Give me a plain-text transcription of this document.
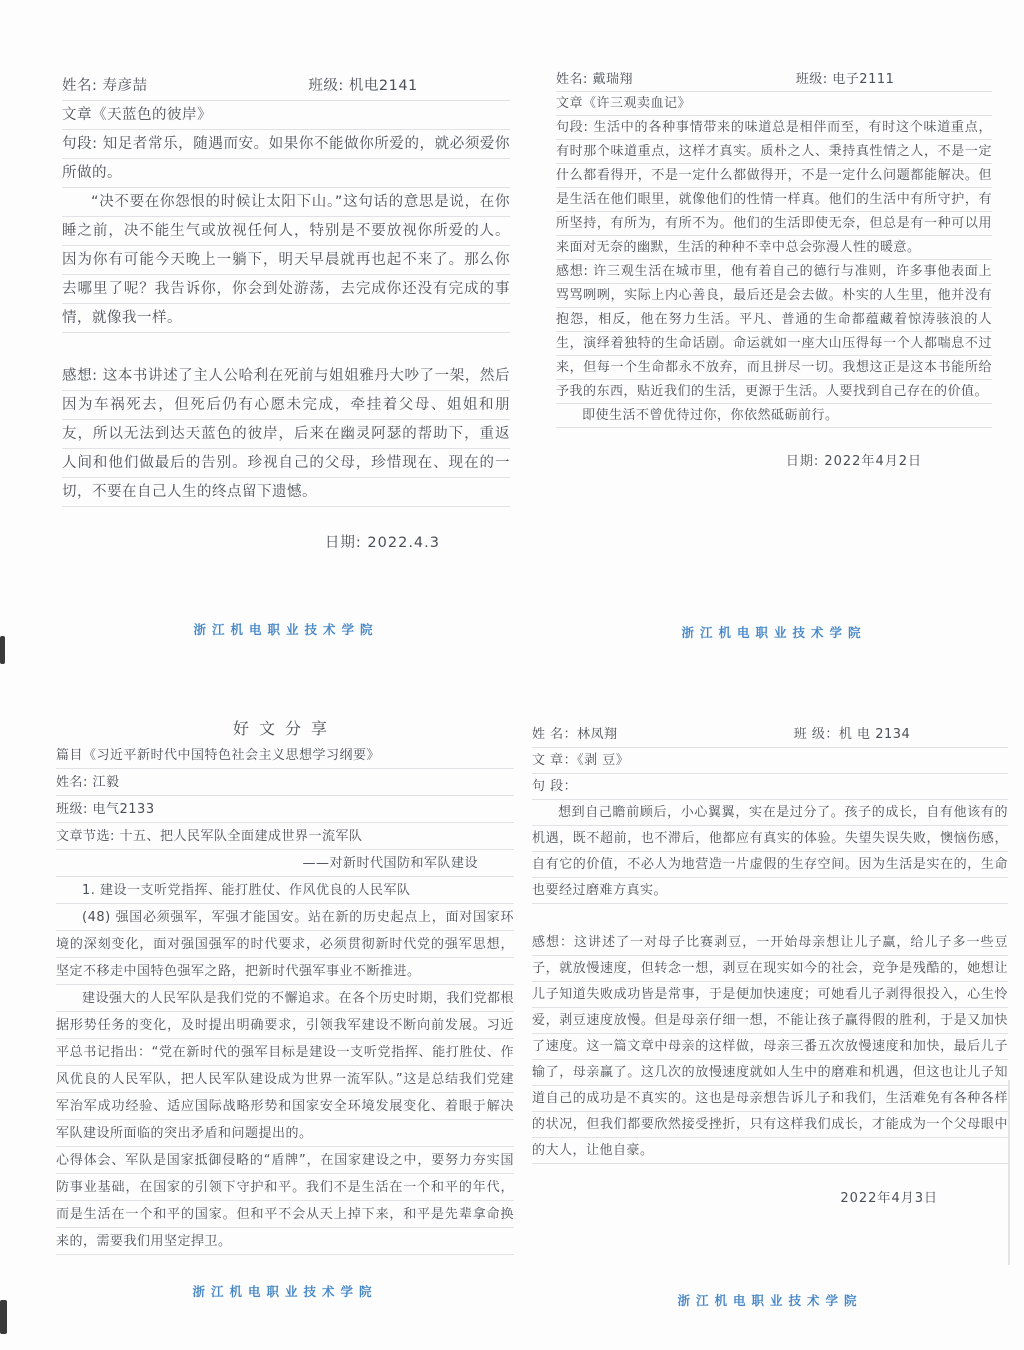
姓名: 寿彦喆	班级: 机电2141
文章《天蓝色的彼岸》

句段: 知足者常乐，随遇而安。如果你不能做你所爱的，就必须爱你所做的。

“决不要在你怨恨的时候让太阳下山。”这句话的意思是说，在你睡之前，决不能生气或放视任何人，特别是不要放视你所爱的人。因为你有可能今天晚上一躺下，明天早晨就再也起不来了。那么你去哪里了呢？我告诉你，你会到处游荡，去完成你还没有完成的事情，就像我一样。

感想: 这本书讲述了主人公哈利在死前与姐姐雅丹大吵了一架，然后因为车祸死去，但死后仍有心愿未完成，牵挂着父母、姐姐和朋友，所以无法到达天蓝色的彼岸，后来在幽灵阿瑟的帮助下，重返人间和他们做最后的告别。珍视自己的父母，珍惜现在、现在的一切，不要在自己人生的终点留下遗憾。

日期: 2022.4.3
浙江机电职业技术学院
姓名: 戴瑞翔	班级: 电子2111
文章《许三观卖血记》

句段: 生活中的各种事情带来的味道总是相伴而至，有时这个味道重点，有时那个味道重点，这样才真实。质朴之人、秉持真性情之人，不是一定什么都看得开，不是一定什么都做得开，不是一定什么问题都能解决。但是生活在他们眼里，就像他们的性情一样真。他们的生活中有所守护，有所坚持，有所为，有所不为。他们的生活即使无奈，但总是有一种可以用来面对无奈的幽默，生活的种种不幸中总会弥漫人性的暖意。

感想: 许三观生活在城市里，他有着自己的德行与准则，许多事他表面上骂骂咧咧，实际上内心善良，最后还是会去做。朴实的人生里，他并没有抱怨，相反，他在努力生活。平凡、普通的生命都蕴藏着惊涛骇浪的人生，演绎着独特的生命话剧。命运就如一座大山压得每一个人都喘息不过来，但每一个生命都永不放弃，而且拼尽一切。我想这正是这本书能所给予我的东西，贴近我们的生活，更源于生活。人要找到自己存在的价值。

即使生活不曾优待过你，你依然砥砺前行。

日期: 2022年4月2日
浙江机电职业技术学院
好文分享
篇目《习近平新时代中国特色社会主义思想学习纲要》
姓名: 江毅
班级: 电气2133
文章节选: 十五、把人民军队全面建成世界一流军队
——对新时代国防和军队建设
1. 建设一支听党指挥、能打胜仗、作风优良的人民军队

(48) 强国必须强军，军强才能国安。站在新的历史起点上，面对国家环境的深刻变化，面对强国强军的时代要求，必须贯彻新时代党的强军思想，坚定不移走中国特色强军之路，把新时代强军事业不断推进。

建设强大的人民军队是我们党的不懈追求。在各个历史时期，我们党都根据形势任务的变化，及时提出明确要求，引领我军建设不断向前发展。习近平总书记指出：“党在新时代的强军目标是建设一支听党指挥、能打胜仗、作风优良的人民军队，把人民军队建设成为世界一流军队。”这是总结我们党建军治军成功经验、适应国际战略形势和国家安全环境发展变化、着眼于解决军队建设所面临的突出矛盾和问题提出的。

心得体会、军队是国家抵御侵略的“盾牌”，在国家建设之中，要努力夯实国防事业基础，在国家的引领下守护和平。我们不是生活在一个和平的年代，而是生活在一个和平的国家。但和平不会从天上掉下来，和平是先辈拿命换来的，需要我们用坚定捍卫。

浙江机电职业技术学院
姓 名：林凤翔	班 级：机 电 2134
文 章：《剥 豆》
句 段：

想到自己瞻前顾后，小心翼翼，实在是过分了。孩子的成长，自有他该有的机遇，既不超前，也不滞后，他都应有真实的体验。失望失误失败，懊恼伤感，自有它的价值，不必人为地营造一片虚假的生存空间。因为生活是实在的，生命也要经过磨难方真实。

感想：这讲述了一对母子比赛剥豆，一开始母亲想让儿子赢，给儿子多一些豆子，就放慢速度，但转念一想，剥豆在现实如今的社会，竞争是残酷的，她想让儿子知道失败成功皆是常事，于是便加快速度；可她看儿子剥得很投入，心生怜爱，剥豆速度放慢。但是母亲仔细一想，不能让孩子赢得假的胜利，于是又加快了速度。这一篇文章中母亲的这样做，母亲三番五次放慢速度和加快，最后儿子输了，母亲赢了。这几次的放慢速度就如人生中的磨难和机遇，但这也让儿子知道自己的成功是不真实的。这也是母亲想告诉儿子和我们，生活难免有各种各样的状况，但我们都要欣然接受挫折，只有这样我们成长，才能成为一个父母眼中的大人，让他自豪。

2022年4月3日
浙江机电职业技术学院
